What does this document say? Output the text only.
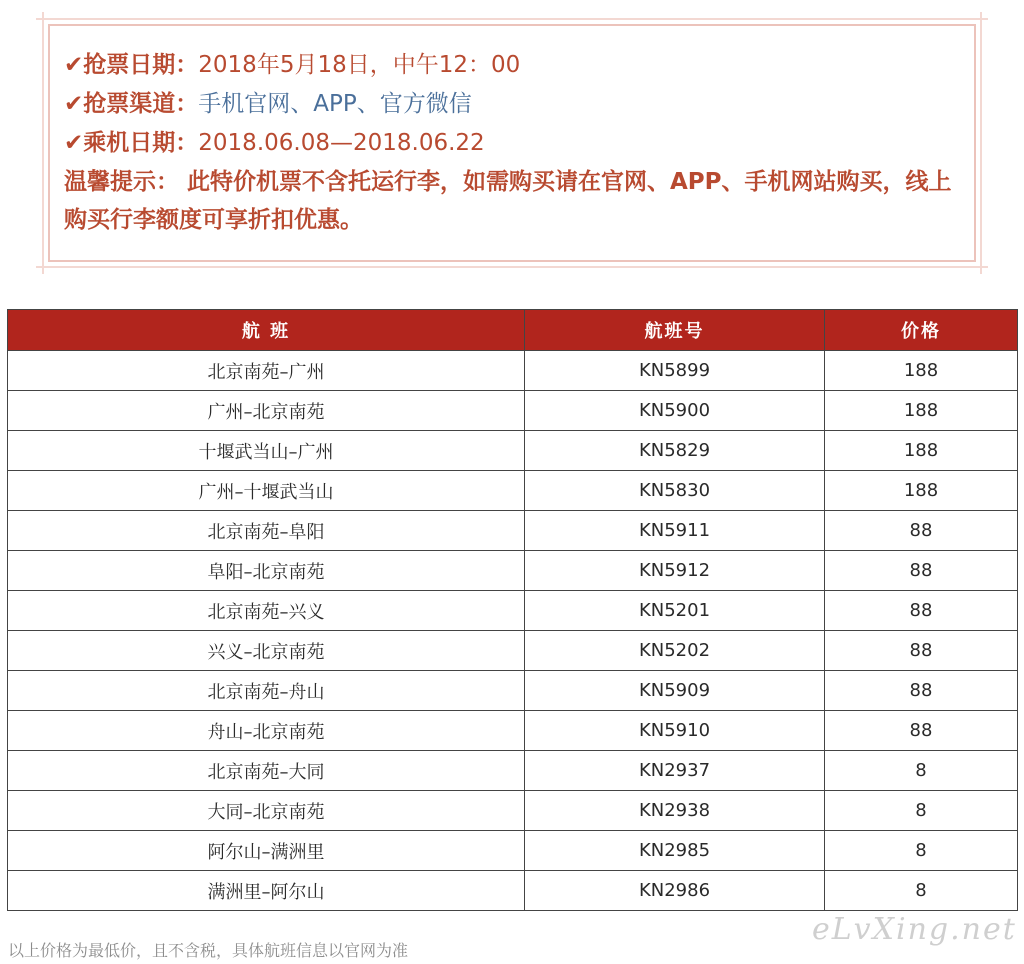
✔抢票日期：2018年5月18日，中午12：00
✔抢票渠道：手机官网、APP、官方微信
✔乘机日期：2018.06.08—2018.06.22
温馨提示： 此特价机票不含托运行李，如需购买请在官网、APP、手机网站购买，线上购买行李额度可享折扣优惠。
航 班	航班号	价格
北京南苑–广州	KN5899	188
广州–北京南苑	KN5900	188
十堰武当山–广州	KN5829	188
广州–十堰武当山	KN5830	188
北京南苑–阜阳	KN5911	88
阜阳–北京南苑	KN5912	88
北京南苑–兴义	KN5201	88
兴义–北京南苑	KN5202	88
北京南苑–舟山	KN5909	88
舟山–北京南苑	KN5910	88
北京南苑–大同	KN2937	8
大同–北京南苑	KN2938	8
阿尔山–满洲里	KN2985	8
满洲里–阿尔山	KN2986	8
以上价格为最低价，且不含税，具体航班信息以官网为准
eLvXing.net
